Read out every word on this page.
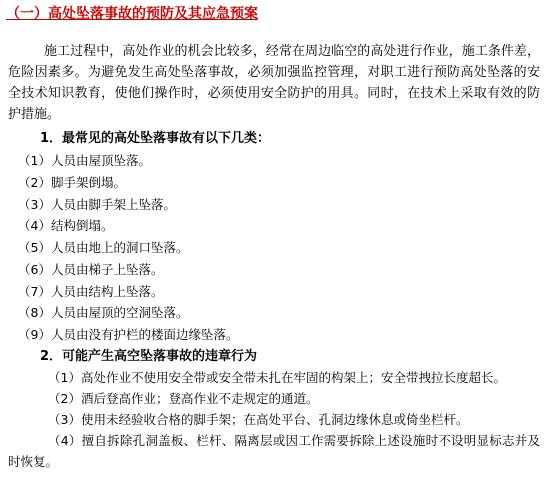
（一）高处坠落事故的预防及其应急预案

施工过程中，高处作业的机会比较多，经常在周边临空的高处进行作业，施工条件差，危险因素多。为避免发生高处坠落事故，必须加强监控管理，对职工进行预防高处坠落的安全技术知识教育，使他们操作时，必须使用安全防护的用具。同时，在技术上采取有效的防护措施。

1．最常见的高处坠落事故有以下几类：
（1）人员由屋顶坠落。
（2）脚手架倒塌。
（3）人员由脚手架上坠落。
（4）结构倒塌。
（5）人员由地上的洞口坠落。
（6）人员由梯子上坠落。
（7）人员由结构上坠落。
（8）人员由屋顶的空洞坠落。
（9）人员由没有护栏的楼面边缘坠落。
2．可能产生高空坠落事故的违章行为
（1）高处作业不使用安全带或安全带未扎在牢固的构架上；安全带拽拉长度超长。
（2）酒后登高作业；登高作业不走规定的通道。
（3）使用未经验收合格的脚手架；在高处平台、孔洞边缘休息或倚坐栏杆。
（4）擅自拆除孔洞盖板、栏杆、隔离层或因工作需要拆除上述设施时不设明显标志并及时恢复。
